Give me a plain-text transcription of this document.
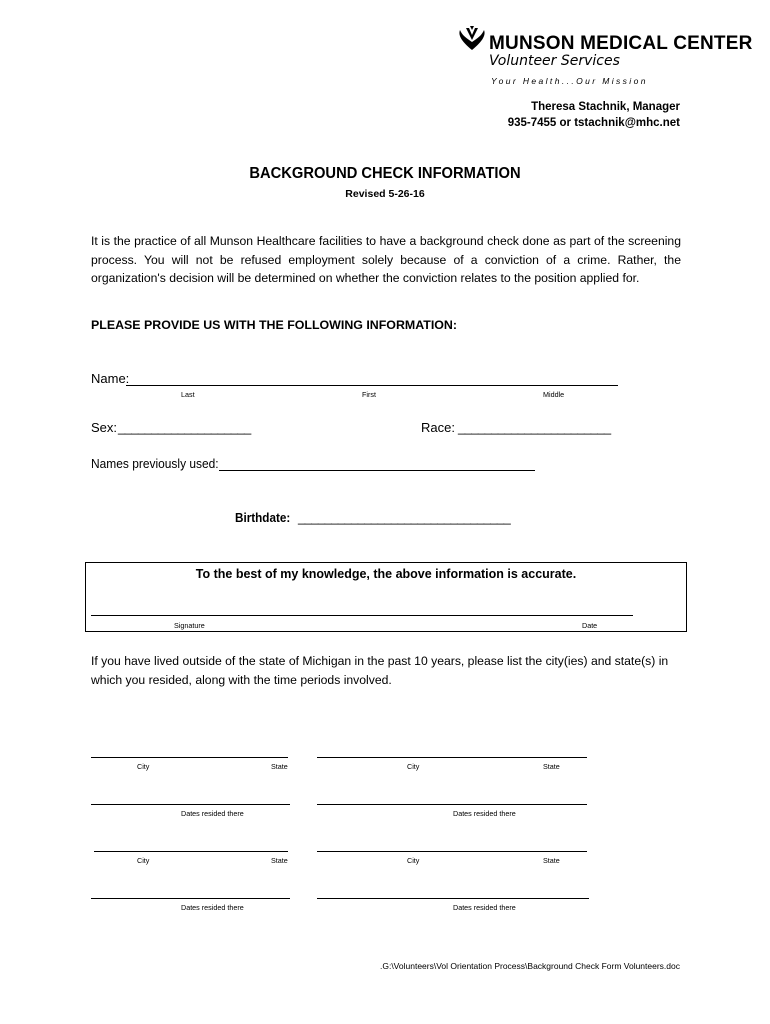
MUNSON MEDICAL CENTER
Volunteer Services
Your Health...Our Mission
Theresa Stachnik, Manager
935-7455 or tstachnik@mhc.net
BACKGROUND CHECK INFORMATION
Revised 5-26-16
It is the practice of all Munson Healthcare facilities to have a background check done as part of the screening process. You will not be refused employment solely because of a conviction of a crime. Rather, the organization's decision will be determined on whether the conviction relates to the position applied for.
PLEASE PROVIDE US WITH THE FOLLOWING INFORMATION:
Name:
Last	First	Middle
Sex: ____________________	Race: _______________________
Names previously used:
Birthdate: ________________________________
To the best of my knowledge, the above information is accurate.
Signature	Date
If you have lived outside of the state of Michigan in the past 10 years, please list the city(ies) and state(s) in which you resided, along with the time periods involved.
City	State
Dates resided there
City	State
Dates resided there
City	State
Dates resided there
City	State
Dates resided there
.G:\Volunteers\Vol Orientation Process\Background Check Form Volunteers.doc
